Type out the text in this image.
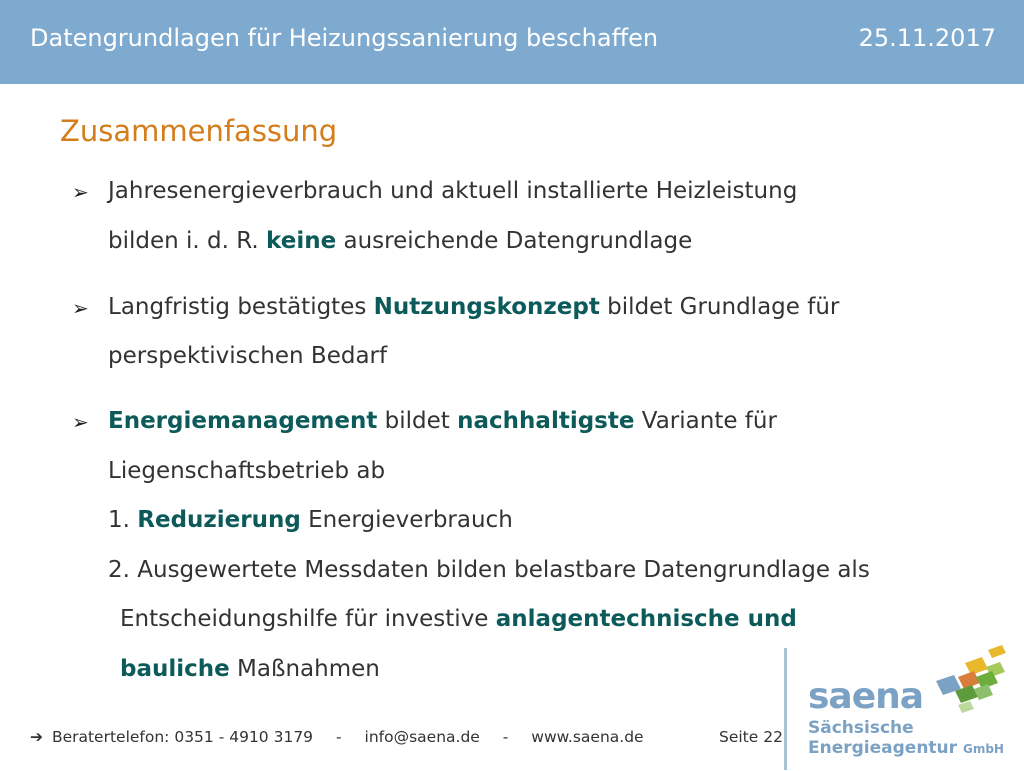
Datengrundlagen für Heizungssanierung beschaffen	25.11.2017
Zusammenfassung
➢ Jahresenergieverbrauch und aktuell installierte Heizleistung
bilden i. d. R. keine ausreichende Datengrundlage
➢ Langfristig bestätigtes Nutzungskonzept bildet Grundlage für
perspektivischen Bedarf
➢ Energiemanagement bildet nachhaltigste Variante für
Liegenschaftsbetrieb ab
1. Reduzierung Energieverbrauch
2. Ausgewertete Messdaten bilden belastbare Datengrundlage als
Entscheidungshilfe für investive anlagentechnische und
bauliche Maßnahmen
➔ Beratertelefon: 0351 - 4910 3179 - info@saena.de - www.saena.de	Seite 22
saena
Sächsische
Energieagentur GmbH
